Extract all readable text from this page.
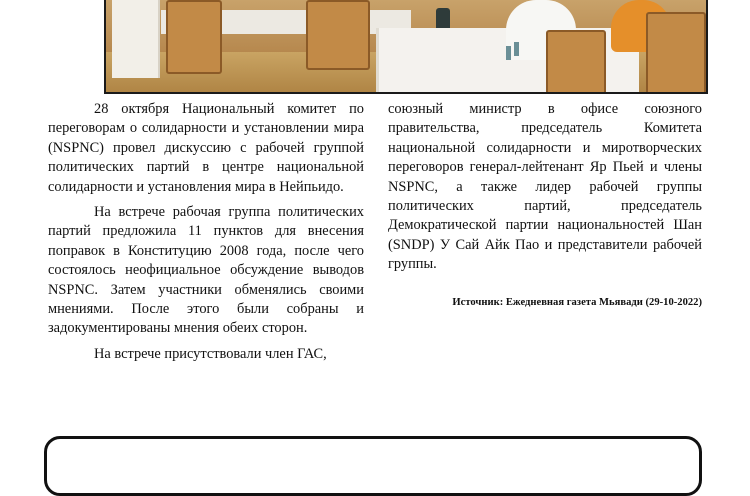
28 октября Национальный комитет по переговорам о солидарности и установлении мира (NSPNC) провел дискуссию с рабочей группой политических партий в центре национальной солидарности и установления мира в Нейпьидо.

На встрече рабочая группа политических партий предложила 11 пунктов для внесения поправок в Конституцию 2008 года, после чего состоялось неофициальное обсуждение выводов NSPNC. Затем участники обменялись своими мнениями. После этого были собраны и задокументированы мнения обеих сторон.

На встрече присутствовали член ГАС,

союзный министр в офисе союзного правительства, председатель Комитета национальной солидарности и миротворческих переговоров генерал-лейтенант Яр Пьей и члены NSPNC, а также лидер рабочей группы политических партий, председатель Демократической партии национальностей Шан (SNDP) У Сай Айк Пао и представители рабочей группы.

Источник: Ежедневная газета Мьявади (29-10-2022)
